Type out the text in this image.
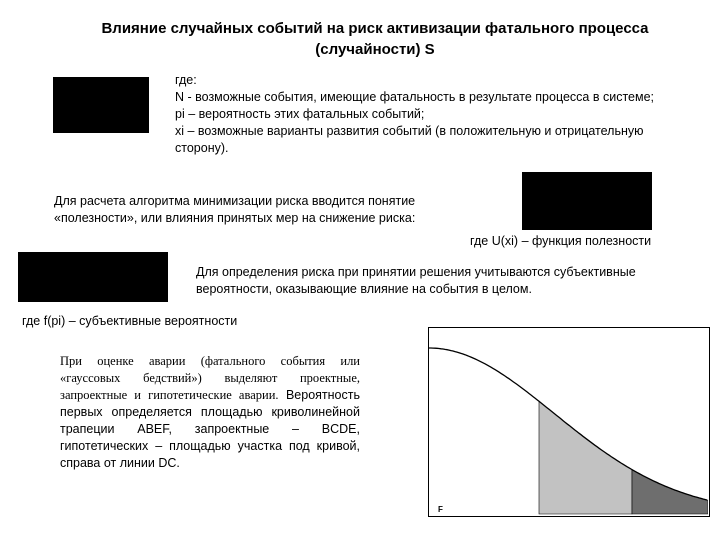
Влияние случайных событий на риск активизации фатального процесса (случайности) S

где:

N - возможные события, имеющие фатальность в результате процесса в системе;

pi – вероятность этих фатальных событий;

xi – возможные варианты развития событий (в положительную и отрицательную сторону).

Для расчета алгоритма минимизации риска вводится понятие «полезности», или влияния принятых мер на снижение риска:
где U(xi) – функция полезности
Для определения риска при принятии решения учитываются субъективные вероятности, оказывающие влияние на события в целом.
где f(pi) – субъективные вероятности
При оценке аварии (фатального события или «гауссовых бедствий») выделяют проектные, запроектные и гипотетические аварии. Вероятность первых определяется площадью криволинейной трапеции ABEF, запроектные – BCDE, гипотетических – площадью участка под кривой, справа от линии DC.
F
